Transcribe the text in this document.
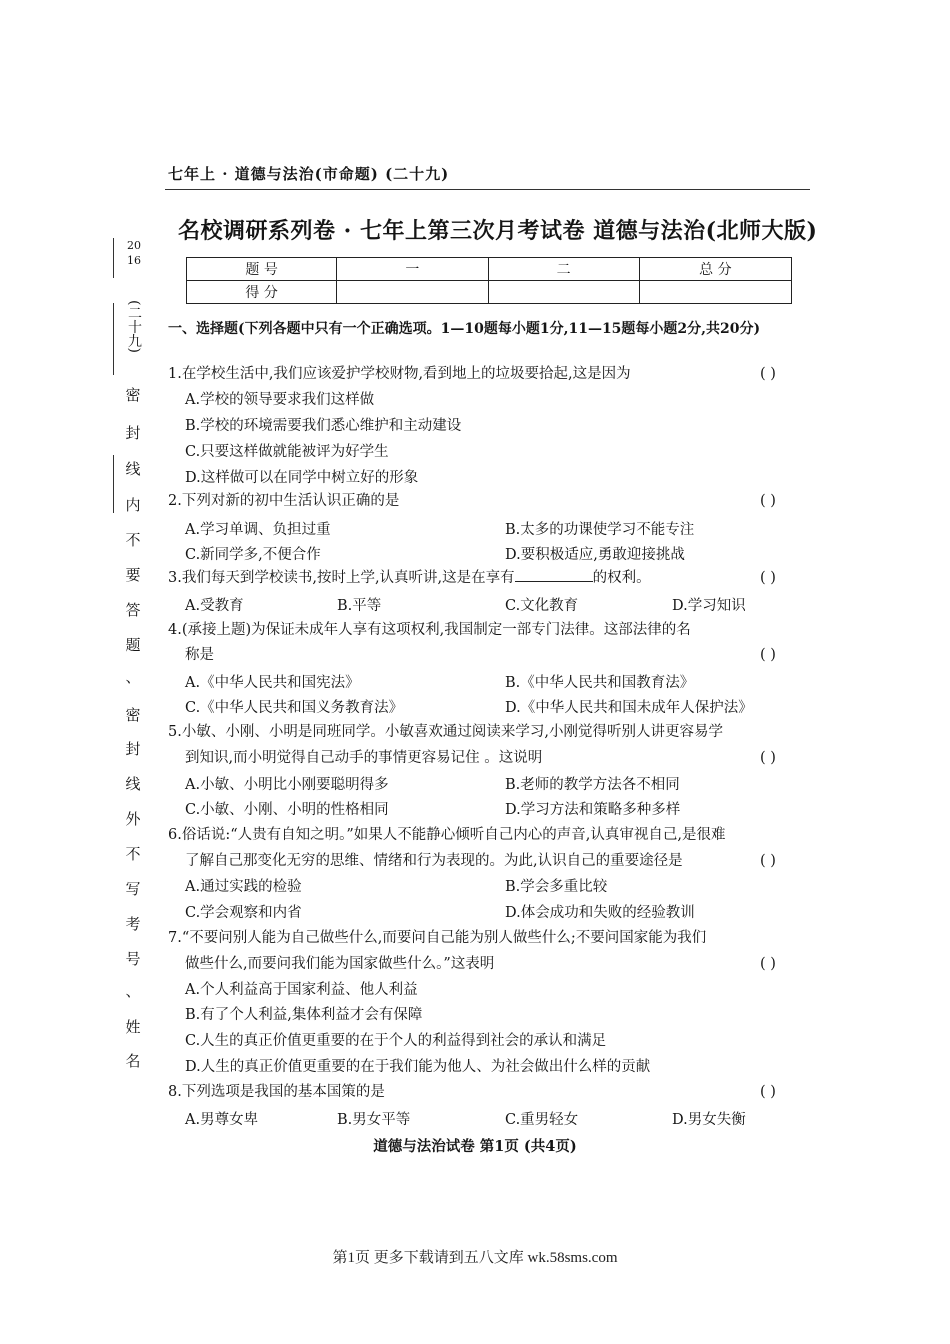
七年上 · 道德与法治(市命题) (二十九)
名校调研系列卷 · 七年上第三次月考试卷 道德与法治(北师大版)
题 号	一	二	总 分
得 分			
2016
(二十九)
密
封
线
内
不
要
答
题
、
密
封
线
外
不
写
考
号
、
姓
名
一、选择题(下列各题中只有一个正确选项。1—10题每小题1分,11—15题每小题2分,共20分)
1.在学校生活中,我们应该爱护学校财物,看到地上的垃圾要拾起,这是因为	( )
A.学校的领导要求我们这样做
B.学校的环境需要我们悉心维护和主动建设
C.只要这样做就能被评为好学生
D.这样做可以在同学中树立好的形象
2.下列对新的初中生活认识正确的是	( )
A.学习单调、负担过重	B.太多的功课使学习不能专注
C.新同学多,不便合作	D.要积极适应,勇敢迎接挑战
3.我们每天到学校读书,按时上学,认真听讲,这是在享有	的权利。	( )
A.受教育	B.平等	C.文化教育	D.学习知识
4.(承接上题)为保证未成年人享有这项权利,我国制定一部专门法律。这部法律的名
称是	( )
A.《中华人民共和国宪法》	B.《中华人民共和国教育法》
C.《中华人民共和国义务教育法》	D.《中华人民共和国未成年人保护法》
5.小敏、小刚、小明是同班同学。小敏喜欢通过阅读来学习,小刚觉得听别人讲更容易学
到知识,而小明觉得自己动手的事情更容易记住 。这说明	( )
A.小敏、小明比小刚要聪明得多	B.老师的教学方法各不相同
C.小敏、小刚、小明的性格相同	D.学习方法和策略多种多样
6.俗话说:“人贵有自知之明。”如果人不能静心倾听自己内心的声音,认真审视自己,是很难
了解自己那变化无穷的思维、情绪和行为表现的。为此,认识自己的重要途径是	( )
A.通过实践的检验	B.学会多重比较
C.学会观察和内省	D.体会成功和失败的经验教训
7.“不要问别人能为自己做些什么,而要问自己能为别人做些什么;不要问国家能为我们
做些什么,而要问我们能为国家做些什么。”这表明	( )
A.个人利益高于国家利益、他人利益
B.有了个人利益,集体利益才会有保障
C.人生的真正价值更重要的在于个人的利益得到社会的承认和满足
D.人生的真正价值更重要的在于我们能为他人、为社会做出什么样的贡献
8.下列选项是我国的基本国策的是	( )
A.男尊女卑	B.男女平等	C.重男轻女	D.男女失衡
道德与法治试卷 第1页 (共4页)
第1页 更多下载请到五八文库 wk.58sms.com
